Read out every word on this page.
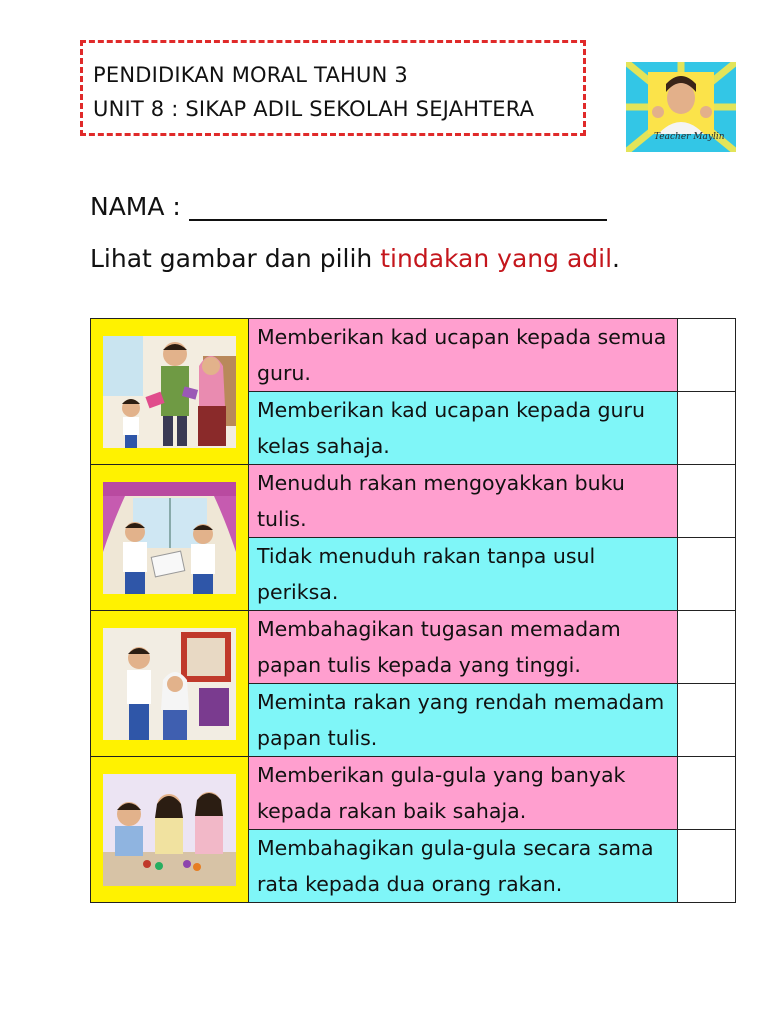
PENDIDIKAN MORAL TAHUN 3
UNIT 8 : SIKAP ADIL SEKOLAH SEJAHTERA
Teacher Maylin
NAMA :
Lihat gambar dan pilih tindakan yang adil.
	Memberikan kad ucapan kepada semua guru.	
	Memberikan kad ucapan kepada guru kelas sahaja.	

	Menuduh rakan mengoyakkan buku tulis.	
	Tidak menuduh rakan tanpa usul periksa.	

	Membahagikan tugasan memadam papan tulis kepada yang tinggi.	
	Meminta rakan yang rendah memadam papan tulis.	

	Memberikan gula-gula yang banyak kepada rakan baik sahaja.	
	Membahagikan gula-gula secara sama rata kepada dua orang rakan.	
